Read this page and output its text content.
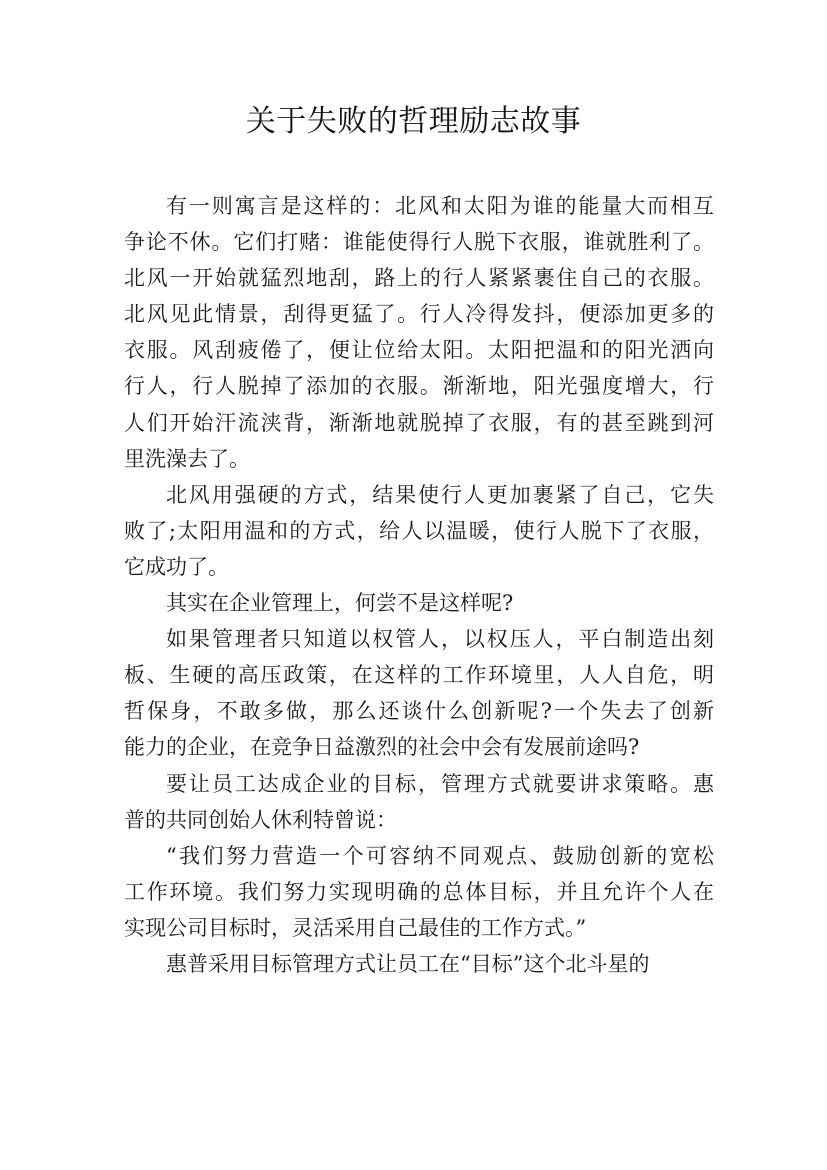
关于失败的哲理励志故事
有一则寓言是这样的：北风和太阳为谁的能量大而相互
争论不休。它们打赌：谁能使得行人脱下衣服，谁就胜利了。
北风一开始就猛烈地刮，路上的行人紧紧裹住自己的衣服。
北风见此情景，刮得更猛了。行人冷得发抖，便添加更多的
衣服。风刮疲倦了，便让位给太阳。太阳把温和的阳光洒向
行人，行人脱掉了添加的衣服。渐渐地，阳光强度增大，行
人们开始汗流浃背，渐渐地就脱掉了衣服，有的甚至跳到河
里洗澡去了。
北风用强硬的方式，结果使行人更加裹紧了自己，它失
败了;太阳用温和的方式，给人以温暖，使行人脱下了衣服，
它成功了。
其实在企业管理上，何尝不是这样呢?
如果管理者只知道以权管人，以权压人，平白制造出刻
板、生硬的高压政策，在这样的工作环境里，人人自危，明
哲保身，不敢多做，那么还谈什么创新呢?一个失去了创新
能力的企业，在竞争日益激烈的社会中会有发展前途吗?
要让员工达成企业的目标，管理方式就要讲求策略。惠
普的共同创始人休利特曾说：
“我们努力营造一个可容纳不同观点、鼓励创新的宽松
工作环境。我们努力实现明确的总体目标，并且允许个人在
实现公司目标时，灵活采用自己最佳的工作方式。”
惠普采用目标管理方式让员工在“目标”这个北斗星的
